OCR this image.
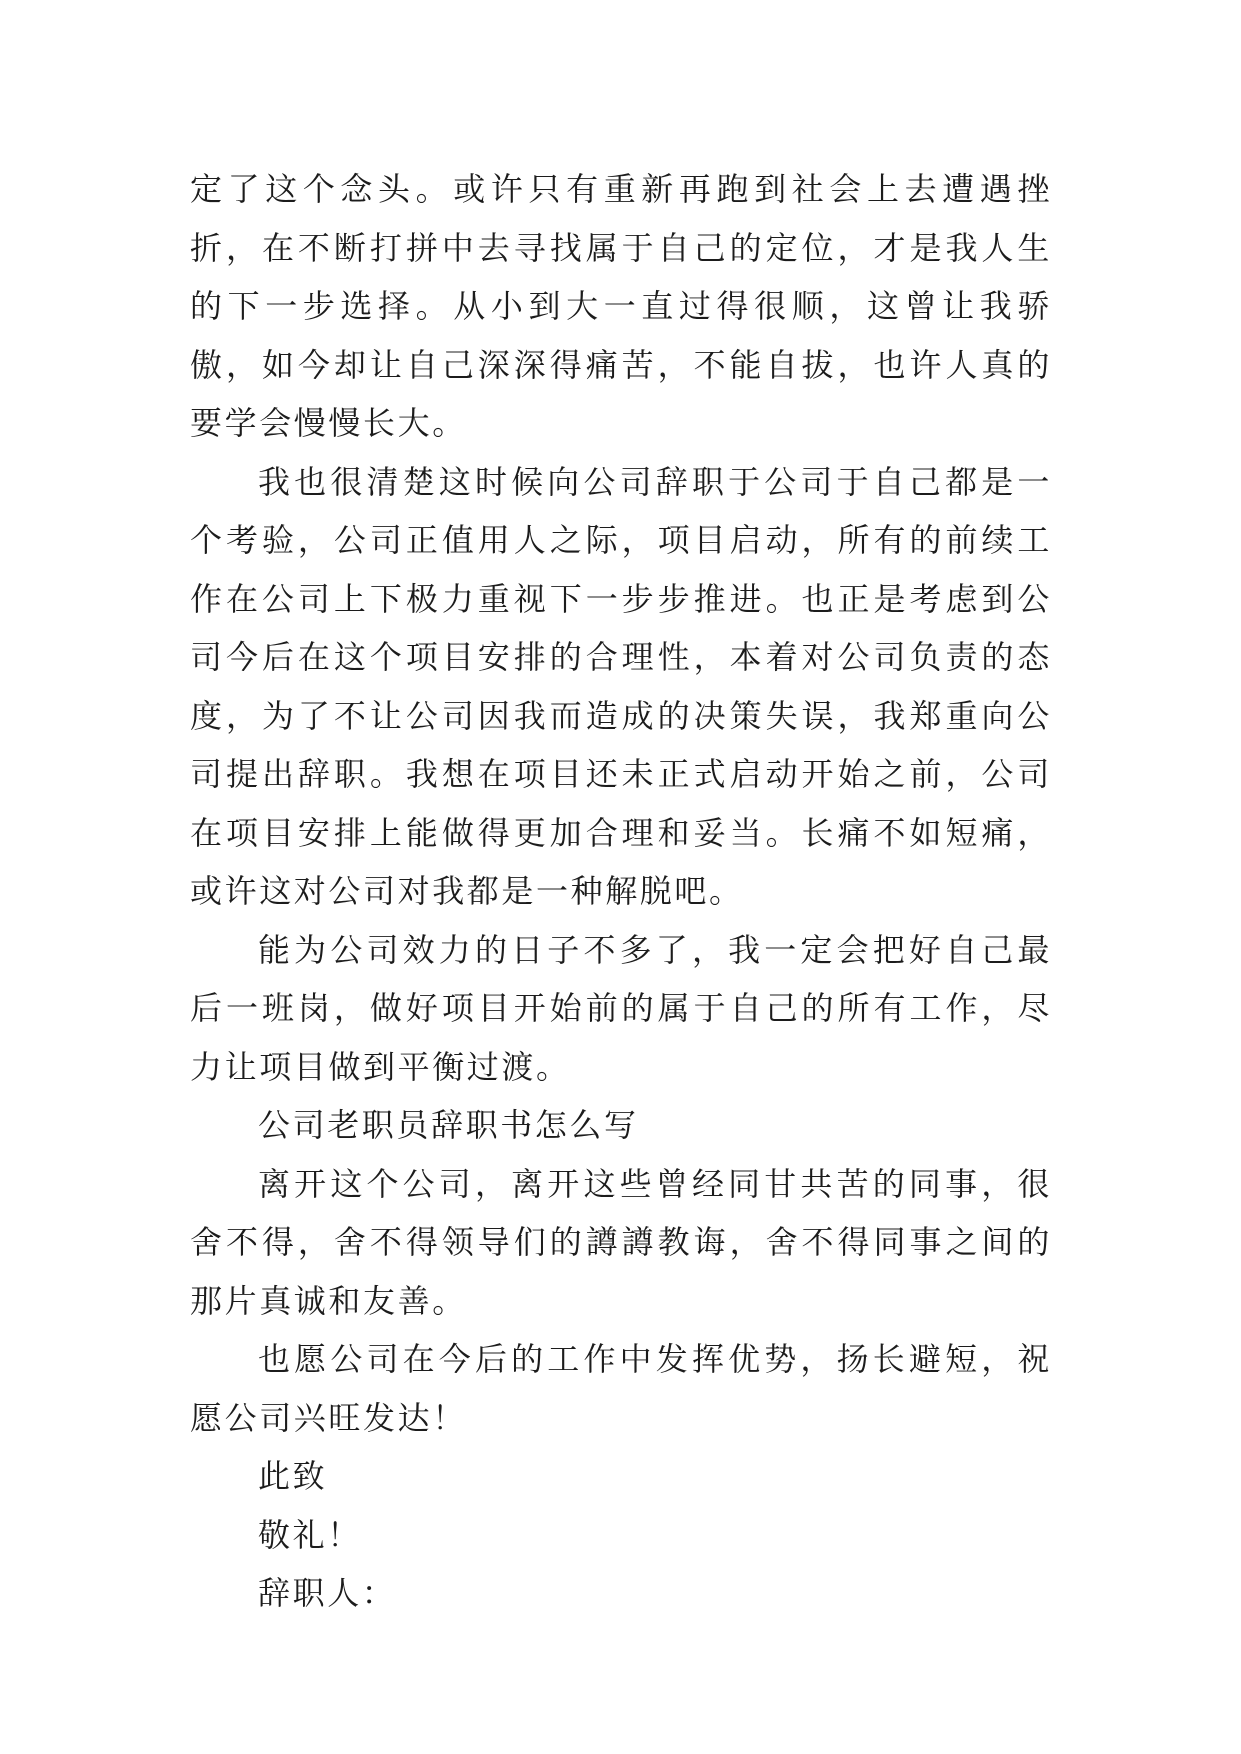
定了这个念头。或许只有重新再跑到社会上去遭遇挫折，在不断打拼中去寻找属于自己的定位，才是我人生的下一步选择。从小到大一直过得很顺，这曾让我骄傲，如今却让自己深深得痛苦，不能自拔，也许人真的要学会慢慢长大。

我也很清楚这时候向公司辞职于公司于自己都是一个考验，公司正值用人之际，项目启动，所有的前续工作在公司上下极力重视下一步步推进。也正是考虑到公司今后在这个项目安排的合理性，本着对公司负责的态度，为了不让公司因我而造成的决策失误，我郑重向公司提出辞职。我想在项目还未正式启动开始之前，公司在项目安排上能做得更加合理和妥当。长痛不如短痛，或许这对公司对我都是一种解脱吧。

能为公司效力的日子不多了，我一定会把好自己最后一班岗，做好项目开始前的属于自己的所有工作，尽力让项目做到平衡过渡。

公司老职员辞职书怎么写

离开这个公司，离开这些曾经同甘共苦的同事，很舍不得，舍不得领导们的譐譐教诲，舍不得同事之间的那片真诚和友善。

也愿公司在今后的工作中发挥优势，扬长避短，祝愿公司兴旺发达！

此致

敬礼！

辞职人：
